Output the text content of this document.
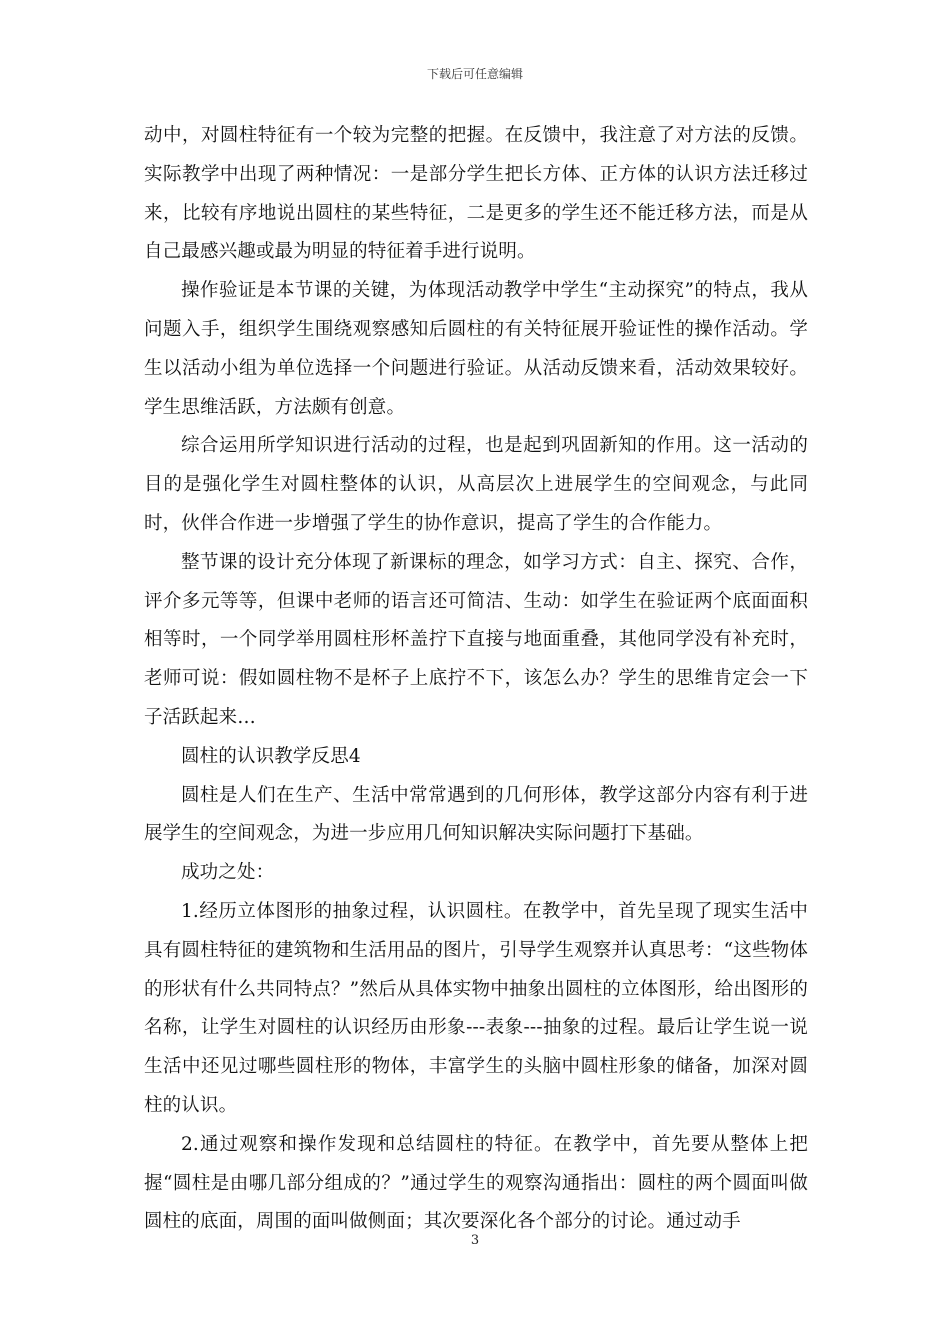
下载后可任意编辑

动中，对圆柱特征有一个较为完整的把握。在反馈中，我注意了对方法的反馈。实际教学中出现了两种情况：一是部分学生把长方体、正方体的认识方法迁移过来，比较有序地说出圆柱的某些特征，二是更多的学生还不能迁移方法，而是从自己最感兴趣或最为明显的特征着手进行说明。

操作验证是本节课的关键，为体现活动教学中学生“主动探究”的特点，我从问题入手，组织学生围绕观察感知后圆柱的有关特征展开验证性的操作活动。学生以活动小组为单位选择一个问题进行验证。从活动反馈来看，活动效果较好。学生思维活跃，方法颇有创意。

综合运用所学知识进行活动的过程，也是起到巩固新知的作用。这一活动的目的是强化学生对圆柱整体的认识，从高层次上进展学生的空间观念，与此同时，伙伴合作进一步增强了学生的协作意识，提高了学生的合作能力。

整节课的设计充分体现了新课标的理念，如学习方式：自主、探究、合作，评介多元等等，但课中老师的语言还可简洁、生动：如学生在验证两个底面面积相等时，一个同学举用圆柱形杯盖拧下直接与地面重叠，其他同学没有补充时，老师可说：假如圆柱物不是杯子上底拧不下，该怎么办？学生的思维肯定会一下子活跃起来…

圆柱的认识教学反思4

圆柱是人们在生产、生活中常常遇到的几何形体，教学这部分内容有利于进展学生的空间观念，为进一步应用几何知识解决实际问题打下基础。

成功之处：

1.经历立体图形的抽象过程，认识圆柱。在教学中，首先呈现了现实生活中具有圆柱特征的建筑物和生活用品的图片，引导学生观察并认真思考：“这些物体的形状有什么共同特点？”然后从具体实物中抽象出圆柱的立体图形，给出图形的名称，让学生对圆柱的认识经历由形象---表象---抽象的过程。最后让学生说一说生活中还见过哪些圆柱形的物体，丰富学生的头脑中圆柱形象的储备，加深对圆柱的认识。

2.通过观察和操作发现和总结圆柱的特征。在教学中，首先要从整体上把握“圆柱是由哪几部分组成的？”通过学生的观察沟通指出：圆柱的两个圆面叫做圆柱的底面，周围的面叫做侧面；其次要深化各个部分的讨论。通过动手

3
